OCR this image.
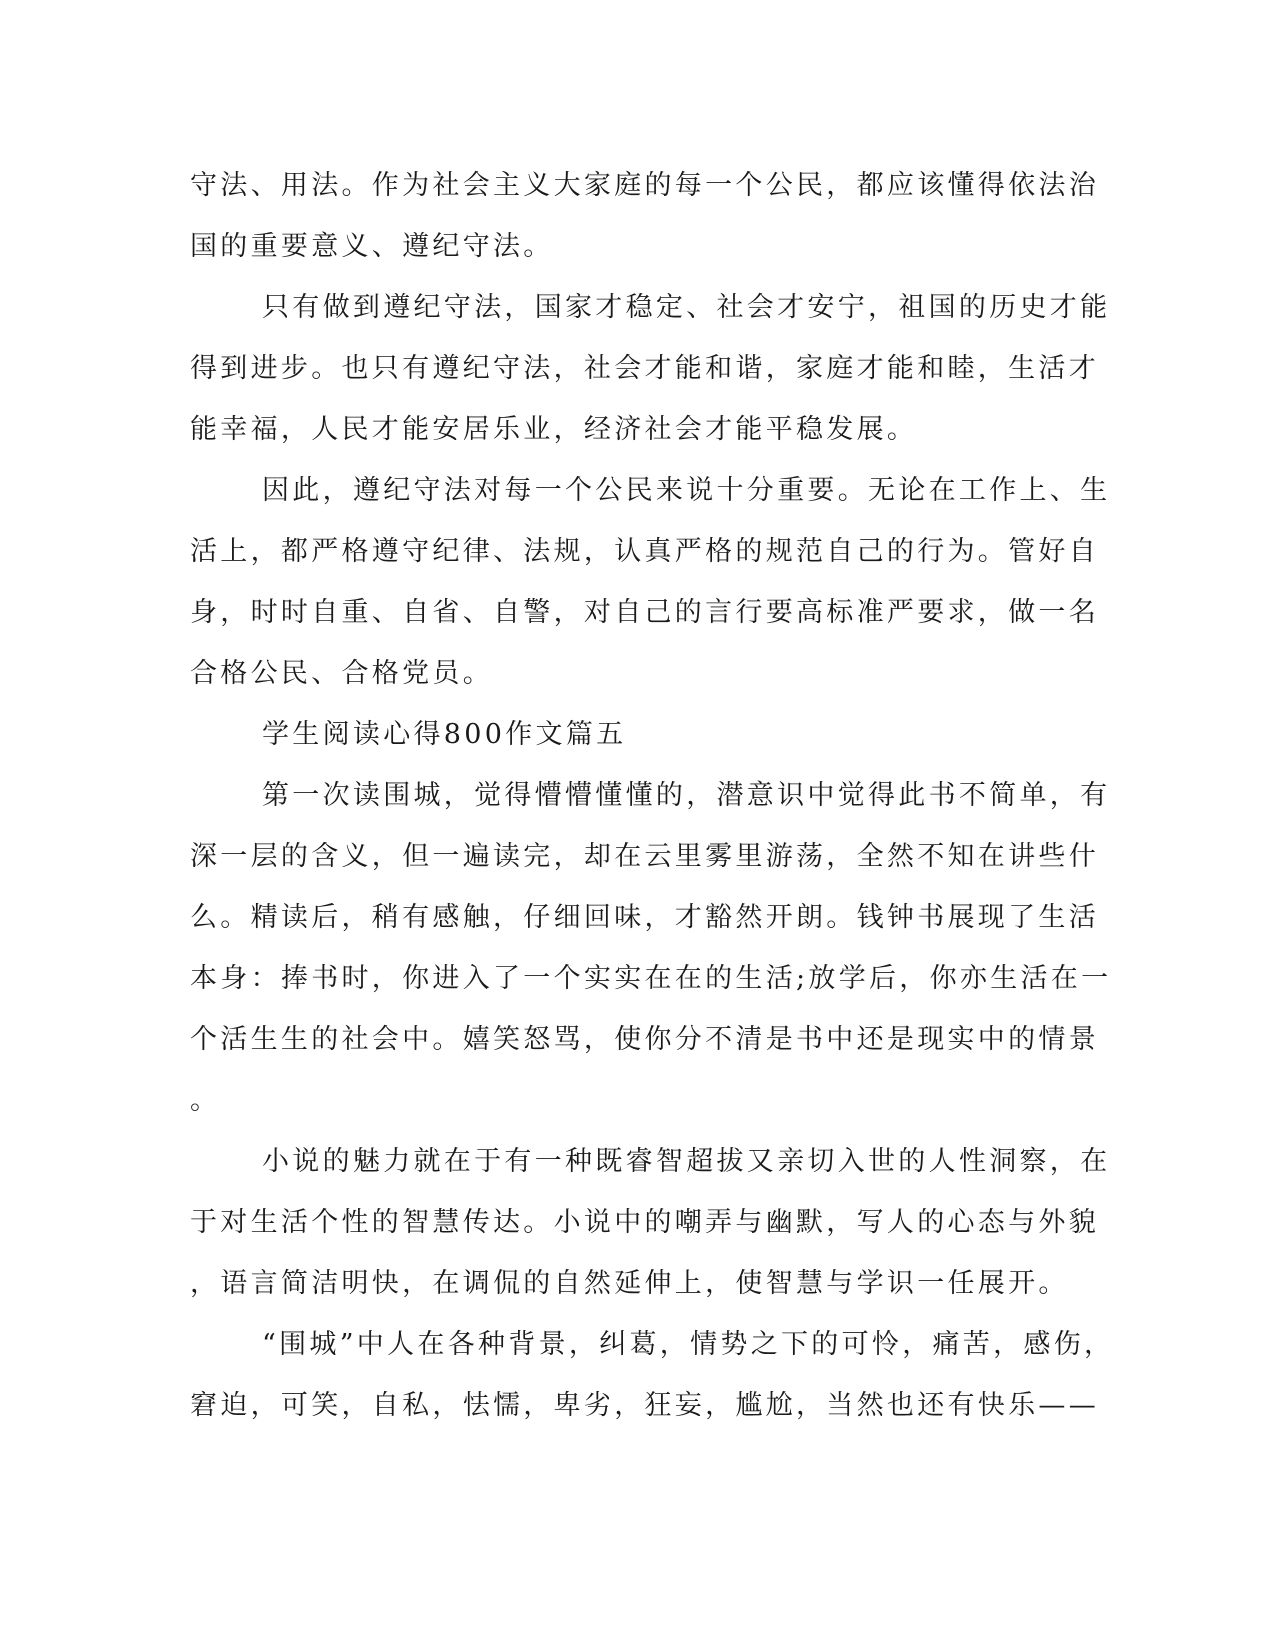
守法、用法。作为社会主义大家庭的每一个公民，都应该懂得依法治
国的重要意义、遵纪守法。
只有做到遵纪守法，国家才稳定、社会才安宁，祖国的历史才能
得到进步。也只有遵纪守法，社会才能和谐，家庭才能和睦，生活才
能幸福，人民才能安居乐业，经济社会才能平稳发展。
因此，遵纪守法对每一个公民来说十分重要。无论在工作上、生
活上，都严格遵守纪律、法规，认真严格的规范自己的行为。管好自
身，时时自重、自省、自警，对自己的言行要高标准严要求，做一名
合格公民、合格党员。
学生阅读心得800作文篇五
第一次读围城，觉得懵懵懂懂的，潜意识中觉得此书不简单，有
深一层的含义，但一遍读完，却在云里雾里游荡，全然不知在讲些什
么。精读后，稍有感触，仔细回味，才豁然开朗。钱钟书展现了生活
本身：捧书时，你进入了一个实实在在的生活;放学后，你亦生活在一
个活生生的社会中。嬉笑怒骂，使你分不清是书中还是现实中的情景
。
小说的魅力就在于有一种既睿智超拔又亲切入世的人性洞察，在
于对生活个性的智慧传达。小说中的嘲弄与幽默，写人的心态与外貌
，语言简洁明快，在调侃的自然延伸上，使智慧与学识一任展开。
“围城”中人在各种背景，纠葛，情势之下的可怜，痛苦，感伤，
窘迫，可笑，自私，怯懦，卑劣，狂妄，尴尬，当然也还有快乐——
